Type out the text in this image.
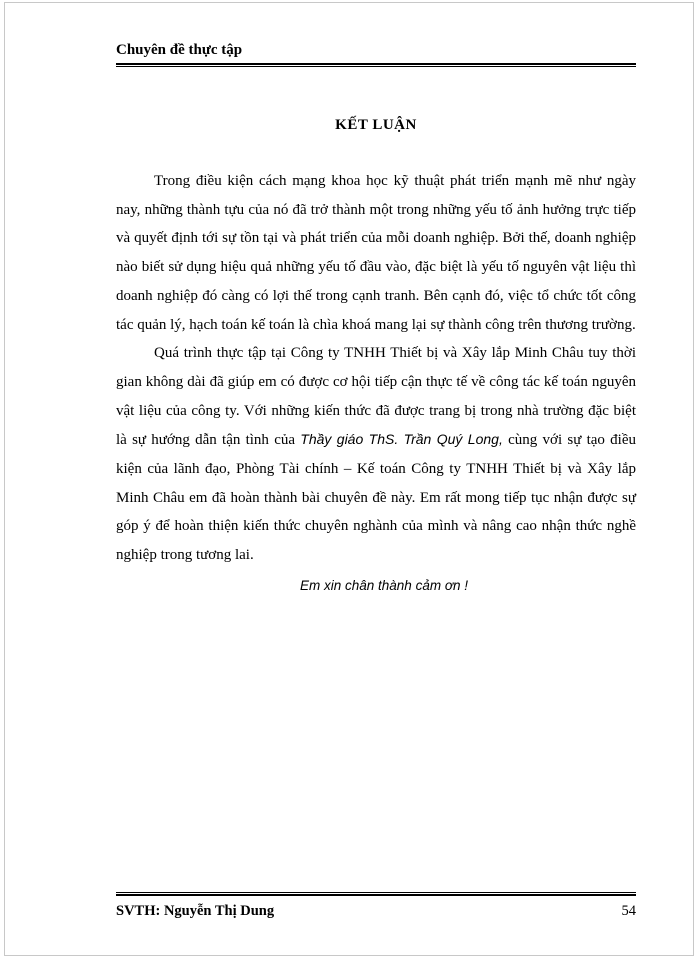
Chuyên đề thực tập
KẾT LUẬN

Trong điều kiện cách mạng khoa học kỹ thuật phát triển mạnh mẽ như ngày nay, những thành tựu của nó đã trở thành một trong những yếu tố ảnh hưởng trực tiếp và quyết định tới sự tồn tại và phát triển của mỗi doanh nghiệp. Bởi thế, doanh nghiệp nào biết sử dụng hiệu quả những yếu tố đầu vào, đặc biệt là yếu tố nguyên vật liệu thì doanh nghiệp đó càng có lợi thế trong cạnh tranh. Bên cạnh đó, việc tổ chức tốt công tác quản lý, hạch toán kế toán là chìa khoá mang lại sự thành công trên thương trường.

Quá trình thực tập tại Công ty TNHH Thiết bị và Xây lắp Minh Châu tuy thời gian không dài đã giúp em có được cơ hội tiếp cận thực tế về công tác kế toán nguyên vật liệu của công ty. Với những kiến thức đã được trang bị trong nhà trường đặc biệt là sự hướng dẫn tận tình của Thầy giáo ThS. Trần Quý Long, cùng với sự tạo điều kiện của lãnh đạo, Phòng Tài chính – Kế toán Công ty TNHH Thiết bị và Xây lắp Minh Châu em đã hoàn thành bài chuyên đề này. Em rất mong tiếp tục nhận được sự góp ý để hoàn thiện kiến thức chuyên nghành của mình và nâng cao nhận thức nghề nghiệp trong tương lai.

Em xin chân thành cảm ơn !
SVTH: Nguyễn Thị Dung	54
